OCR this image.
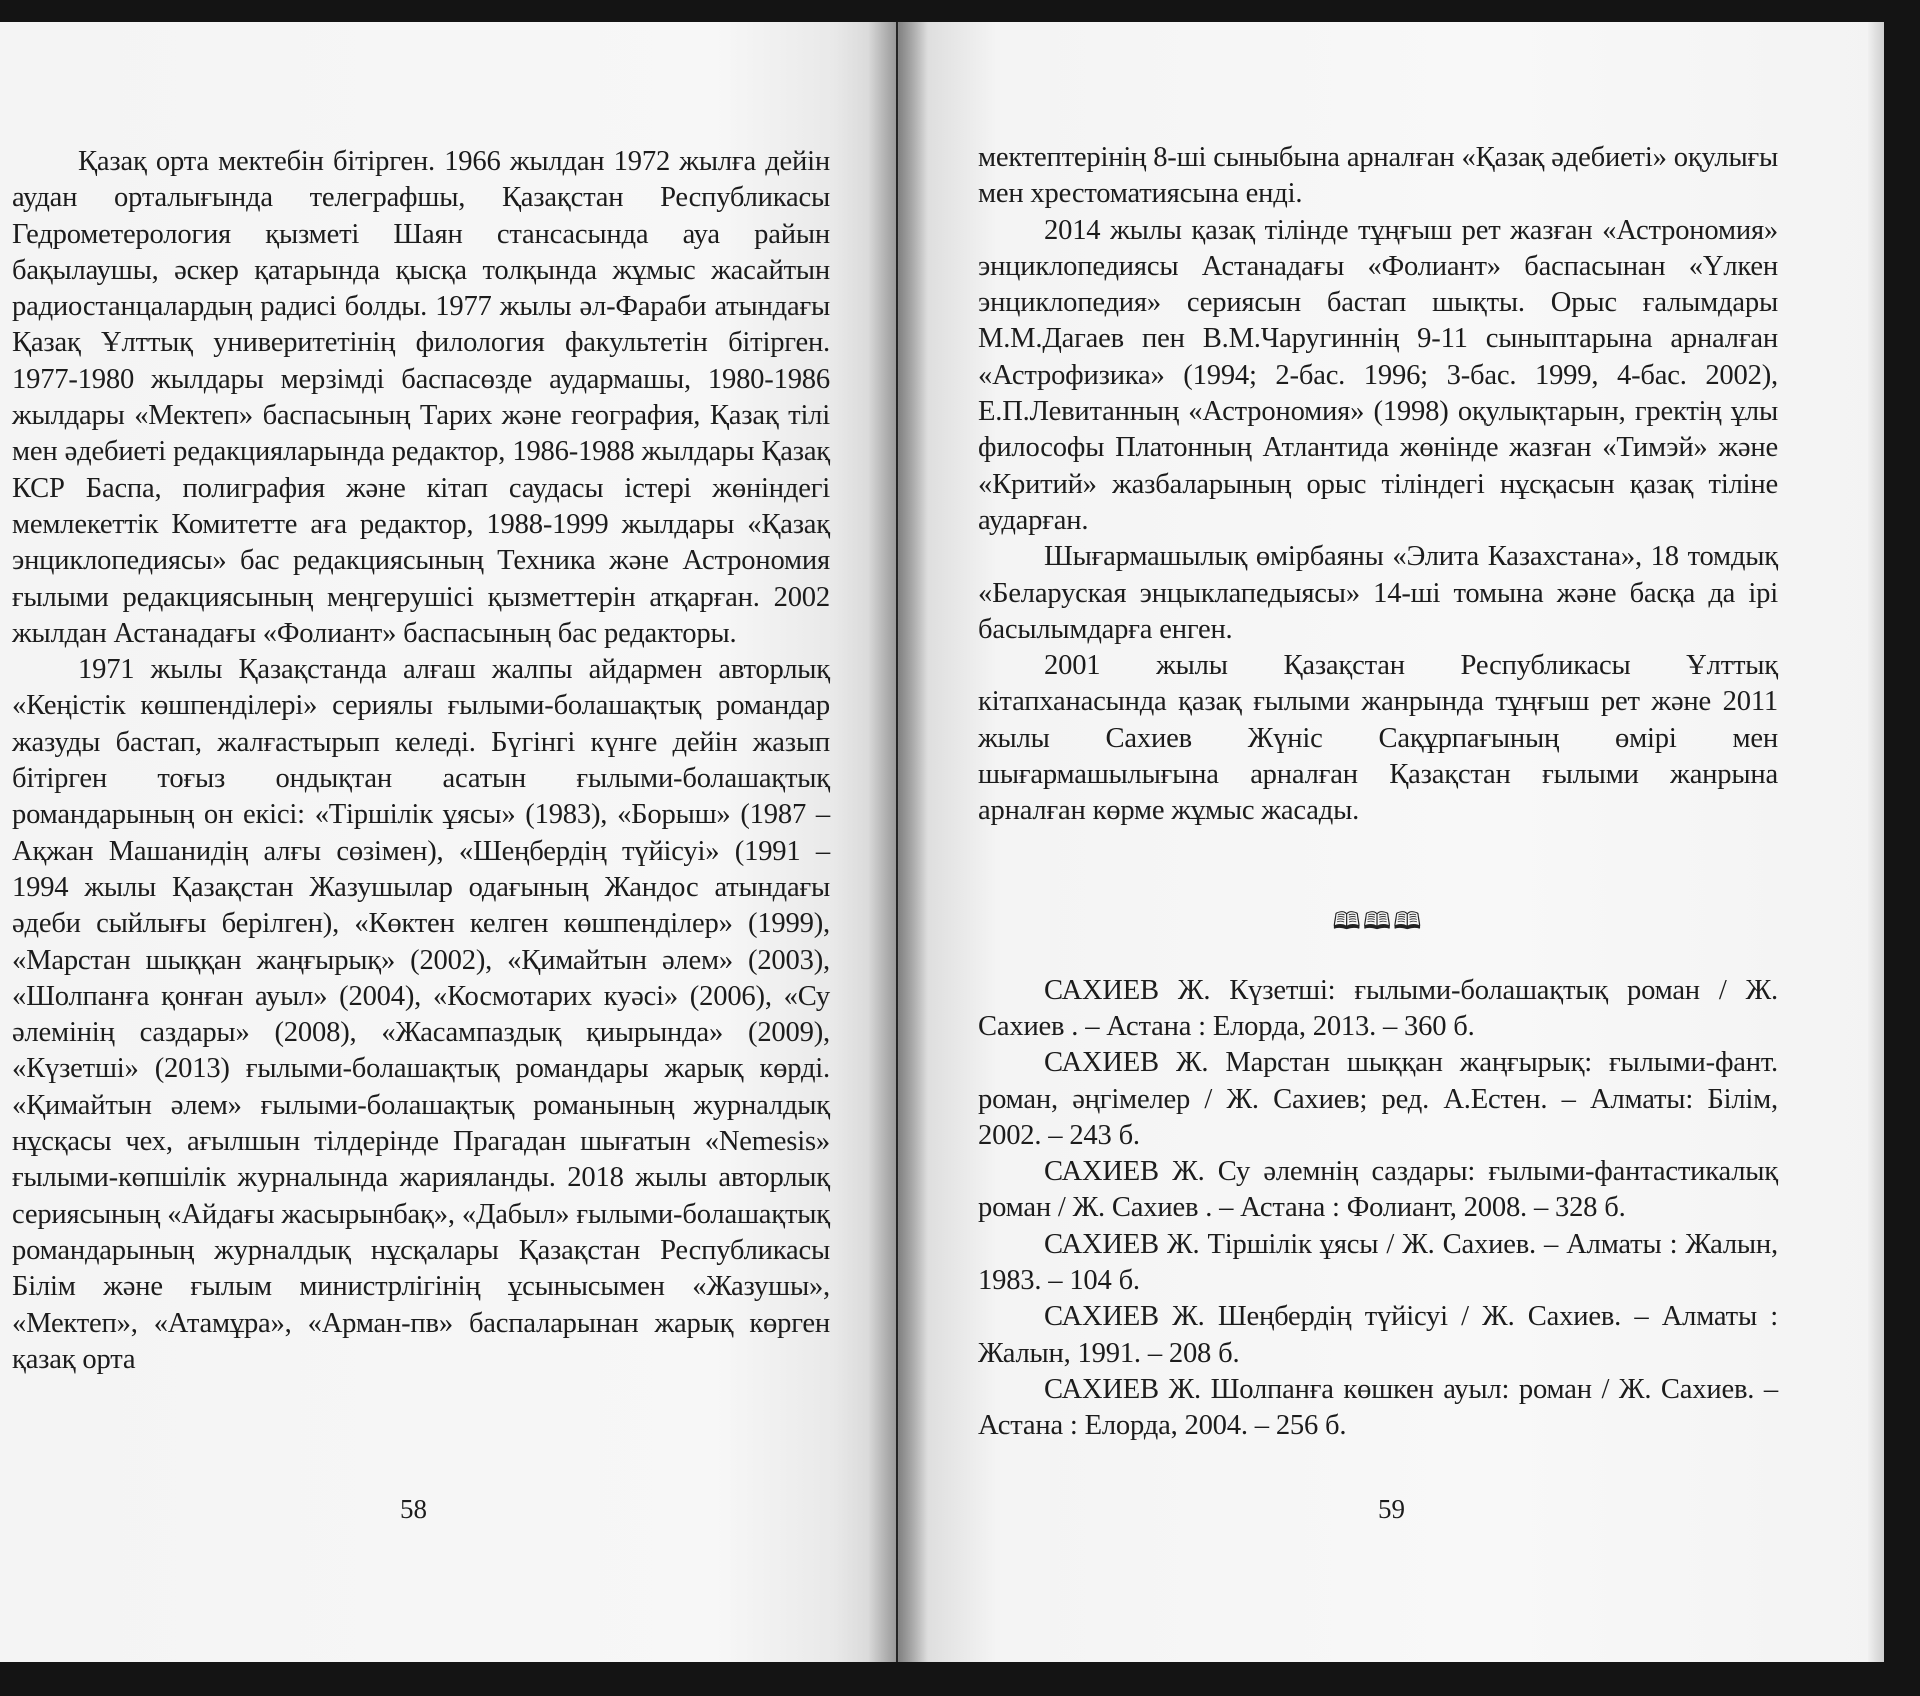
Қазақ орта мектебін бітірген. 1966 жылдан 1972 жылға дейін аудан орталығында телеграфшы, Қазақстан Республикасы Гедрометерология қызметі Шаян стансасында ауа райын бақылаушы, әскер қатарында қысқа толқында жұмыс жасайтын радиостанцалардың радисі болды. 1977 жылы әл-Фараби атындағы Қазақ Ұлттық универитетінің филология факультетін бітірген. 1977-1980 жылдары мерзімді баспасөзде аудармашы, 1980-1986 жылдары «Мектеп» баспасының Тарих және география, Қазақ тілі мен әдебиеті редакцияларында редактор, 1986-1988 жылдары Қазақ КСР Баспа, полиграфия және кітап саудасы істері жөніндегі мемлекеттік Комитетте аға редактор, 1988-1999 жылдары «Қазақ энциклопедиясы» бас редакциясының Техника және Астрономия ғылыми редакциясының меңгерушісі қызметтерін атқарған. 2002 жылдан Астанадағы «Фолиант» баспасының бас редакторы.

1971 жылы Қазақстанда алғаш жалпы айдармен авторлық «Кеңістік көшпенділері» сериялы ғылыми-болашақтық романдар жазуды бастап, жалғастырып келеді. Бүгінгі күнге дейін жазып бітірген тоғыз ондықтан асатын ғылыми-болашақтық романдарының он екісі: «Тіршілік ұясы» (1983), «Борыш» (1987 – Ақжан Машанидің алғы сөзімен), «Шеңбердің түйісуі» (1991 – 1994 жылы Қазақстан Жазушылар одағының Жандос атындағы әдеби сыйлығы берілген), «Көктен келген көшпенділер» (1999), «Марстан шыққан жаңғырық» (2002), «Қимайтын әлем» (2003), «Шолпанға қонған ауыл» (2004), «Космотарих куәсі» (2006), «Су әлемінің саздары» (2008), «Жасампаздық қиырында» (2009), «Күзетші» (2013) ғылыми-болашақтық романдары жарық көрді. «Қимайтын әлем» ғылыми-болашақтық романының журналдық нұсқасы чех, ағылшын тілдерінде Прагадан шығатын «Nemesis» ғылыми-көпшілік журналында жарияланды. 2018 жылы авторлық сериясының «Айдағы жасырынбақ», «Дабыл» ғылыми-болашақтық романдарының журналдық нұсқалары Қазақстан Республикасы Білім және ғылым министрлігінің ұсынысымен «Жазушы», «Мектеп», «Атамұра», «Арман-пв» баспаларынан жарық көрген қазақ орта

58

мектептерінің 8-ші сыныбына арналған «Қазақ әдебиеті» оқулығы мен хрестоматиясына енді.

2014 жылы қазақ тілінде тұңғыш рет жазған «Астрономия» энциклопедиясы Астанадағы «Фолиант» баспасынан «Үлкен энциклопедия» сериясын бастап шықты. Орыс ғалымдары М.М.Дагаев пен В.М.Чаругиннің 9-11 сыныптарына арналған «Астрофизика» (1994; 2-бас. 1996; 3-бас. 1999, 4-бас. 2002), Е.П.Левитанның «Астрономия» (1998) оқулықтарын, гректің ұлы философы Платонның Атлантида жөнінде жазған «Тимэй» және «Критий» жазбаларының орыс тіліндегі нұсқасын қазақ тіліне аударған.

Шығармашылық өмірбаяны «Элита Казахстана», 18 томдық «Беларуская энцыклапедыясы» 14-ші томына және басқа да ірі басылымдарға енген.

2001 жылы Қазақстан Республикасы Ұлттық кітапханасында қазақ ғылыми жанрында тұңғыш рет және 2011 жылы Сахиев Жүніс Сақұрпағының өмірі мен шығармашылығына арналған Қазақстан ғылыми жанрына арналған көрме жұмыс жасады.

🕮🕮🕮

САХИЕВ Ж. Күзетші: ғылыми-болашақтық роман / Ж. Сахиев . – Астана : Елорда, 2013. – 360 б.

САХИЕВ Ж. Марстан шыққан жаңғырық: ғылыми-фант. роман, әңгімелер / Ж. Сахиев; ред. А.Естен. – Алматы: Білім, 2002. – 243 б.

САХИЕВ Ж. Су әлемнің саздары: ғылыми-фантастикалық роман / Ж. Сахиев . – Астана : Фолиант, 2008. – 328 б.

САХИЕВ Ж. Тіршілік ұясы / Ж. Сахиев. – Алматы : Жалын, 1983. – 104 б.

САХИЕВ Ж. Шеңбердің түйісуі / Ж. Сахиев. – Алматы : Жалын, 1991. – 208 б.

САХИЕВ Ж. Шолпанға көшкен ауыл: роман / Ж. Сахиев. – Астана : Елорда, 2004. – 256 б.

59
